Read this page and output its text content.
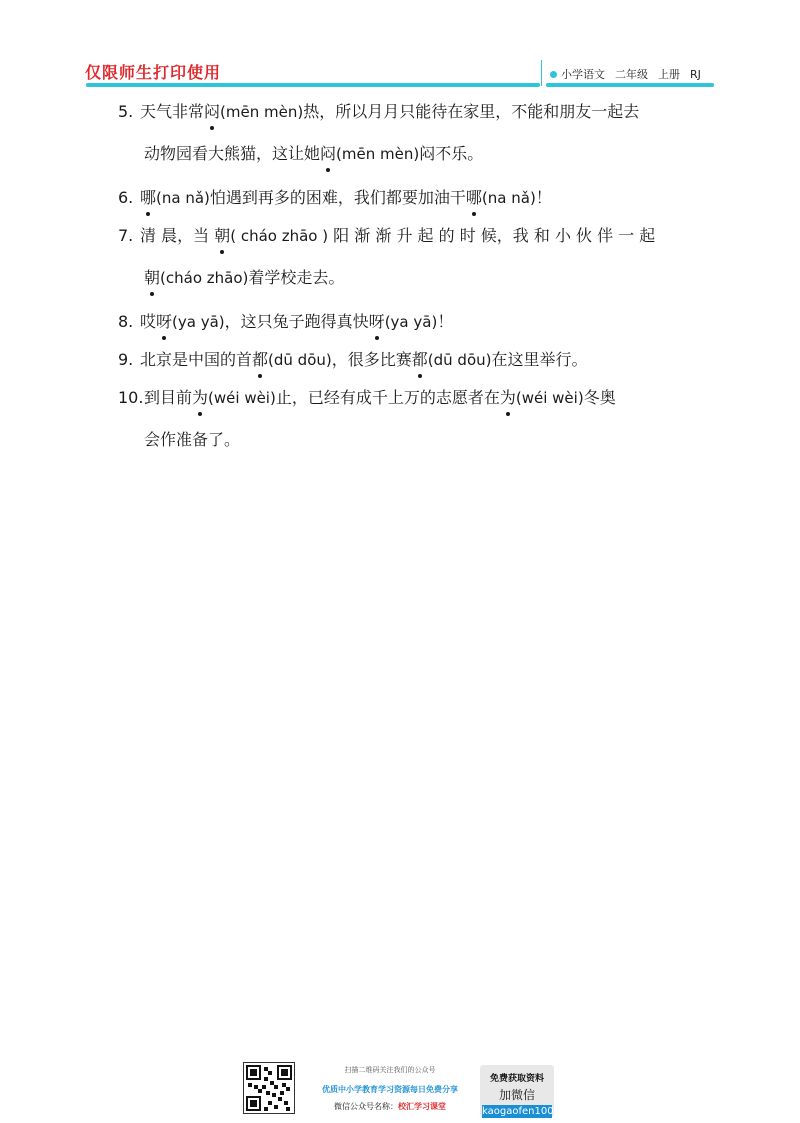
仅限师生打印使用	小学语文 二年级 上册 RJ
5. 天气非常闷(mēn mèn)热，所以月月只能待在家里，不能和朋友一起去
动物园看大熊猫，这让她闷(mēn mèn)闷不乐。
6. 哪(na nǎ)怕遇到再多的困难，我们都要加油干哪(na nǎ)！
7. 清 晨，当 朝( cháo zhāo ) 阳 渐 渐 升 起 的 时 候，我 和 小 伙 伴 一 起
朝(cháo zhāo)着学校走去。
8. 哎呀(ya yā)，这只兔子跑得真快呀(ya yā)！
9. 北京是中国的首都(dū dōu)，很多比赛都(dū dōu)在这里举行。
10.到目前为(wéi wèi)止，已经有成千上万的志愿者在为(wéi wèi)冬奥
会作准备了。
扫描二维码关注我们的公众号
优质中小学教育学习资源每日免费分享
微信公众号名称：校汇学习课堂
免费获取资料
加微信
kaogaofen100
